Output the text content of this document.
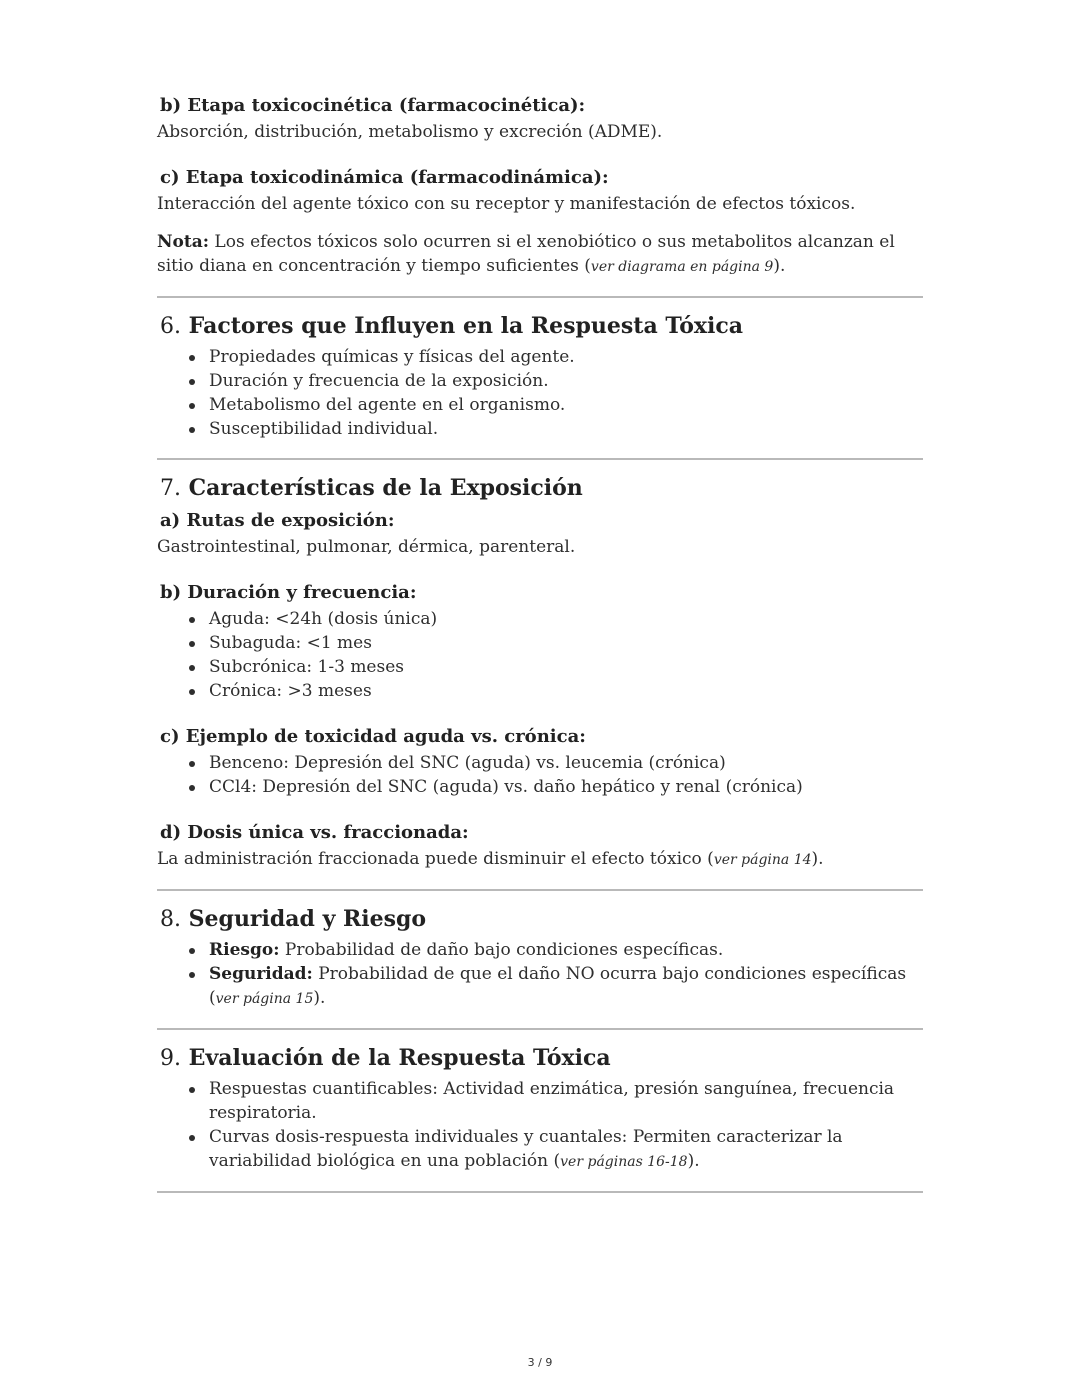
b) Etapa toxicocinética (farmacocinética):

Absorción, distribución, metabolismo y excreción (ADME).

c) Etapa toxicodinámica (farmacodinámica):

Interacción del agente tóxico con su receptor y manifestación de efectos tóxicos.

Nota: Los efectos tóxicos solo ocurren si el xenobiótico o sus metabolitos alcanzan el sitio diana en concentración y tiempo suficientes (ver diagrama en página 9).

6. Factores que Influyen en la Respuesta Tóxica
Propiedades químicas y físicas del agente.
Duración y frecuencia de la exposición.
Metabolismo del agente en el organismo.
Susceptibilidad individual.
7. Características de la Exposición

a) Rutas de exposición:

Gastrointestinal, pulmonar, dérmica, parenteral.

b) Duración y frecuencia:

Aguda: <24h (dosis única)
Subaguda: <1 mes
Subcrónica: 1-3 meses
Crónica: >3 meses

c) Ejemplo de toxicidad aguda vs. crónica:

Benceno: Depresión del SNC (aguda) vs. leucemia (crónica)
CCl4: Depresión del SNC (aguda) vs. daño hepático y renal (crónica)

d) Dosis única vs. fraccionada:

La administración fraccionada puede disminuir el efecto tóxico (ver página 14).

8. Seguridad y Riesgo
Riesgo: Probabilidad de daño bajo condiciones específicas.
Seguridad: Probabilidad de que el daño NO ocurra bajo condiciones específicas (ver página 15).
9. Evaluación de la Respuesta Tóxica
Respuestas cuantificables: Actividad enzimática, presión sanguínea, frecuencia respiratoria.
Curvas dosis-respuesta individuales y cuantales: Permiten caracterizar la variabilidad biológica en una población (ver páginas 16-18).
3 / 9
